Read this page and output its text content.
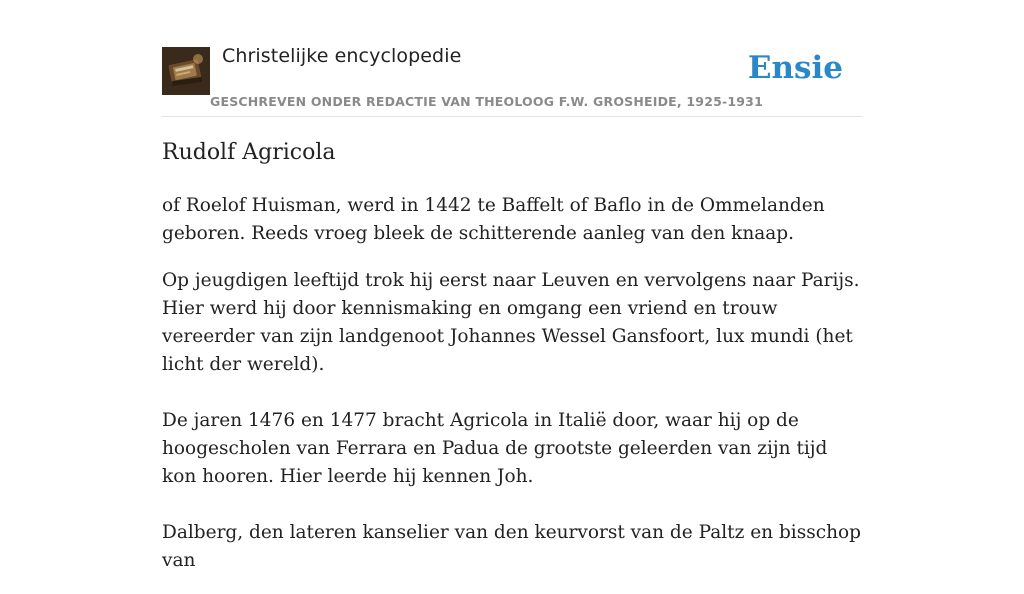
Christelijke encyclopedie
GESCHREVEN ONDER REDACTIE VAN THEOLOOG F.W. GROSHEIDE, 1925-1931
Ensie
Rudolf Agricola

of Roelof Huisman, werd in 1442 te Baffelt of Baflo in de Ommelanden geboren. Reeds vroeg bleek de schitterende aanleg van den knaap.

Op jeugdigen leeftijd trok hij eerst naar Leuven en vervolgens naar Parijs. Hier werd hij door kennismaking en omgang een vriend en trouw vereerder van zijn landgenoot Johannes Wessel Gansfoort, lux mundi (het licht der wereld).

De jaren 1476 en 1477 bracht Agricola in Italië door, waar hij op de hoogescholen van Ferrara en Padua de grootste geleerden van zijn tijd kon hooren. Hier leerde hij kennen Joh.

Dalberg, den lateren kanselier van den keurvorst van de Paltz en bisschop van
